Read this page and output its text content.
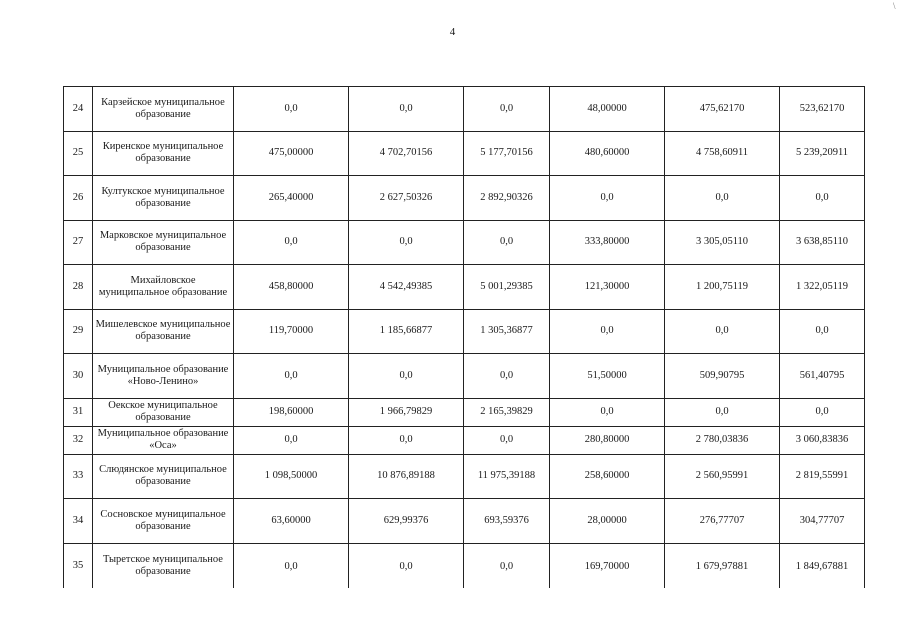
4
\
24	Карзейское муниципальное образование	0,0	0,0	0,0	48,00000	475,62170	523,62170
25	Киренское муниципальное образование	475,00000	4 702,70156	5 177,70156	480,60000	4 758,60911	5 239,20911
26	Култукское муниципальное образование	265,40000	2 627,50326	2 892,90326	0,0	0,0	0,0
27	Марковское муниципальное образование	0,0	0,0	0,0	333,80000	3 305,05110	3 638,85110
28	Михайловское муниципальное образование	458,80000	4 542,49385	5 001,29385	121,30000	1 200,75119	1 322,05119
29	Мишелевское муниципальное образование	119,70000	1 185,66877	1 305,36877	0,0	0,0	0,0
30	Муниципальное образование «Ново-Ленино»	0,0	0,0	0,0	51,50000	509,90795	561,40795
31	Оекское муниципальное образование	198,60000	1 966,79829	2 165,39829	0,0	0,0	0,0
32	Муниципальное образование «Оса»	0,0	0,0	0,0	280,80000	2 780,03836	3 060,83836
33	Слюдянское муниципальное образование	1 098,50000	10 876,89188	11 975,39188	258,60000	2 560,95991	2 819,55991
34	Сосновское муниципальное образование	63,60000	629,99376	693,59376	28,00000	276,77707	304,77707
35	Тыретское муниципальное образование	0,0	0,0	0,0	169,70000	1 679,97881	1 849,67881
